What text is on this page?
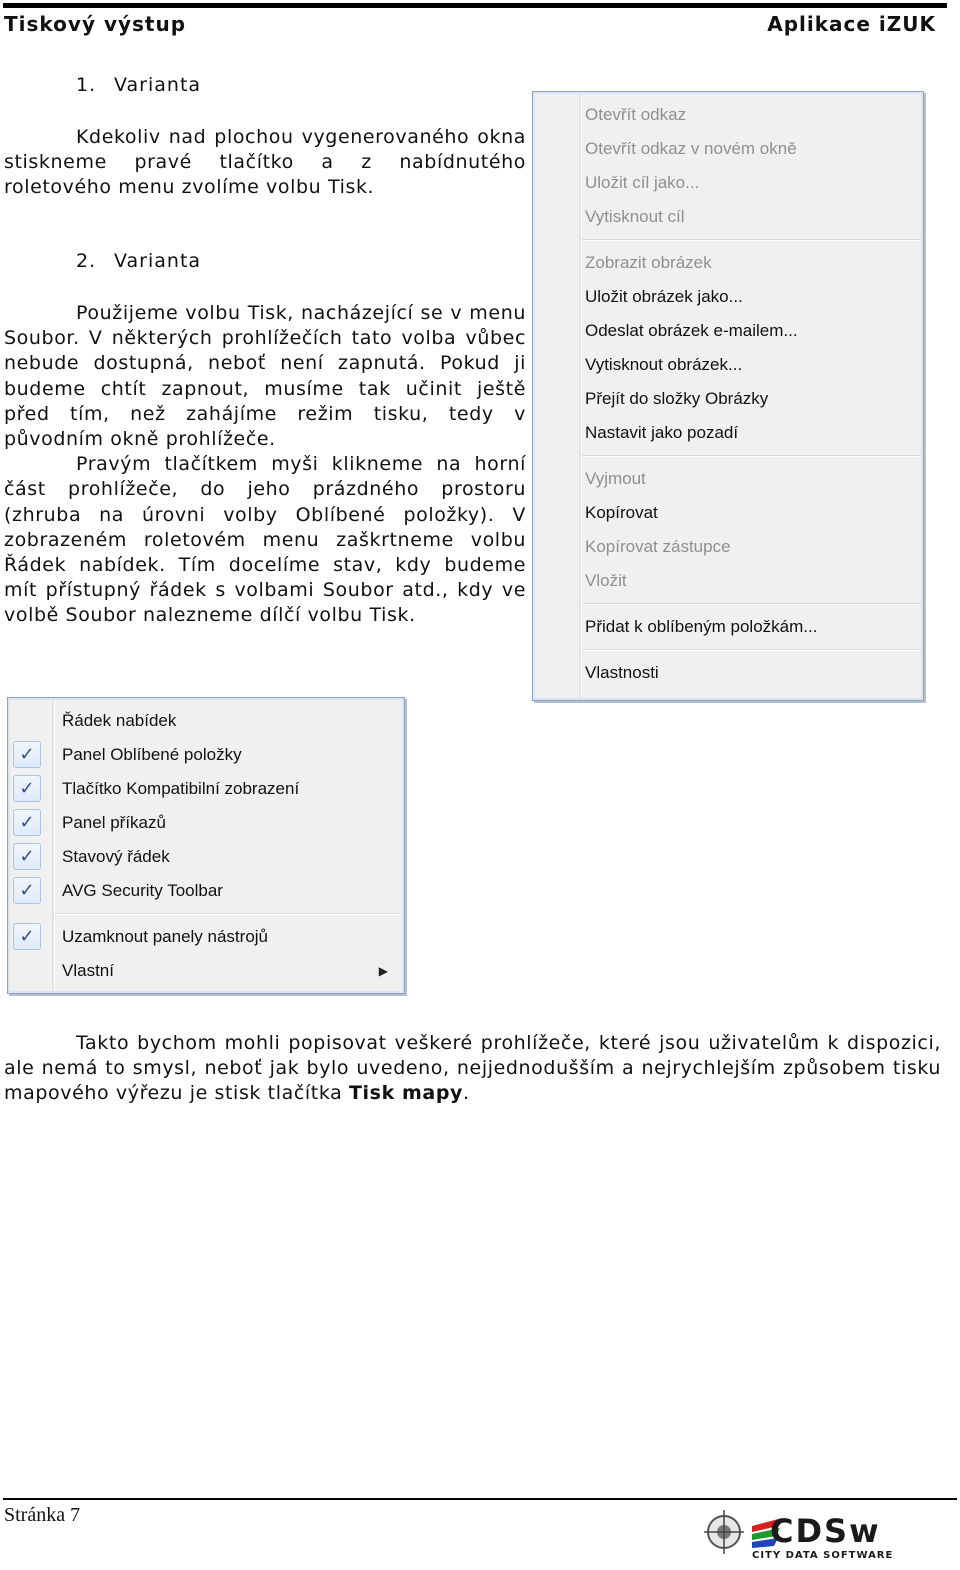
Tiskový výstup	Aplikace iZUK
1. Varianta

Kdekoliv nad plochou vygenerovaného okna stiskneme pravé tlačítko a z nabídnutého roletového menu zvolíme volbu Tisk.

2. Varianta

Použijeme volbu Tisk, nacházející se v menu Soubor. V některých prohlížečích tato volba vůbec nebude dostupná, neboť není zapnutá. Pokud ji budeme chtít zapnout, musíme tak učinit ještě před tím, než zahájíme režim tisku, tedy v původním okně prohlížeče.

Pravým tlačítkem myši klikneme na horní část prohlížeče, do jeho prázdného prostoru (zhruba na úrovni volby Oblíbené položky). V zobrazeném roletovém menu zaškrtneme volbu Řádek nabídek. Tím docelíme stav, kdy budeme mít přístupný řádek s volbami Soubor atd., kdy ve volbě Soubor nalezneme dílčí volbu Tisk.

Otevřít odkaz
Otevřít odkaz v novém okně
Uložit cíl jako...
Vytisknout cíl
Zobrazit obrázek
Uložit obrázek jako...
Odeslat obrázek e-mailem...
Vytisknout obrázek...
Přejít do složky Obrázky
Nastavit jako pozadí
Vyjmout
Kopírovat
Kopírovat zástupce
Vložit
Přidat k oblíbeným položkám...
Vlastnosti
Řádek nabídek
✓	Panel Oblíbené položky
✓	Tlačítko Kompatibilní zobrazení
✓	Panel příkazů
✓	Stavový řádek
✓	AVG Security Toolbar
✓	Uzamknout panely nástrojů
Vlastní	▶

Takto bychom mohli popisovat veškeré prohlížeče, které jsou uživatelům k dispozici, ale nemá to smysl, neboť jak bylo uvedeno, nejjednodušším a nejrychlejším způsobem tisku mapového výřezu je stisk tlačítka Tisk mapy.

Stránka 7	CDSw
CITY DATA SOFTWARE
